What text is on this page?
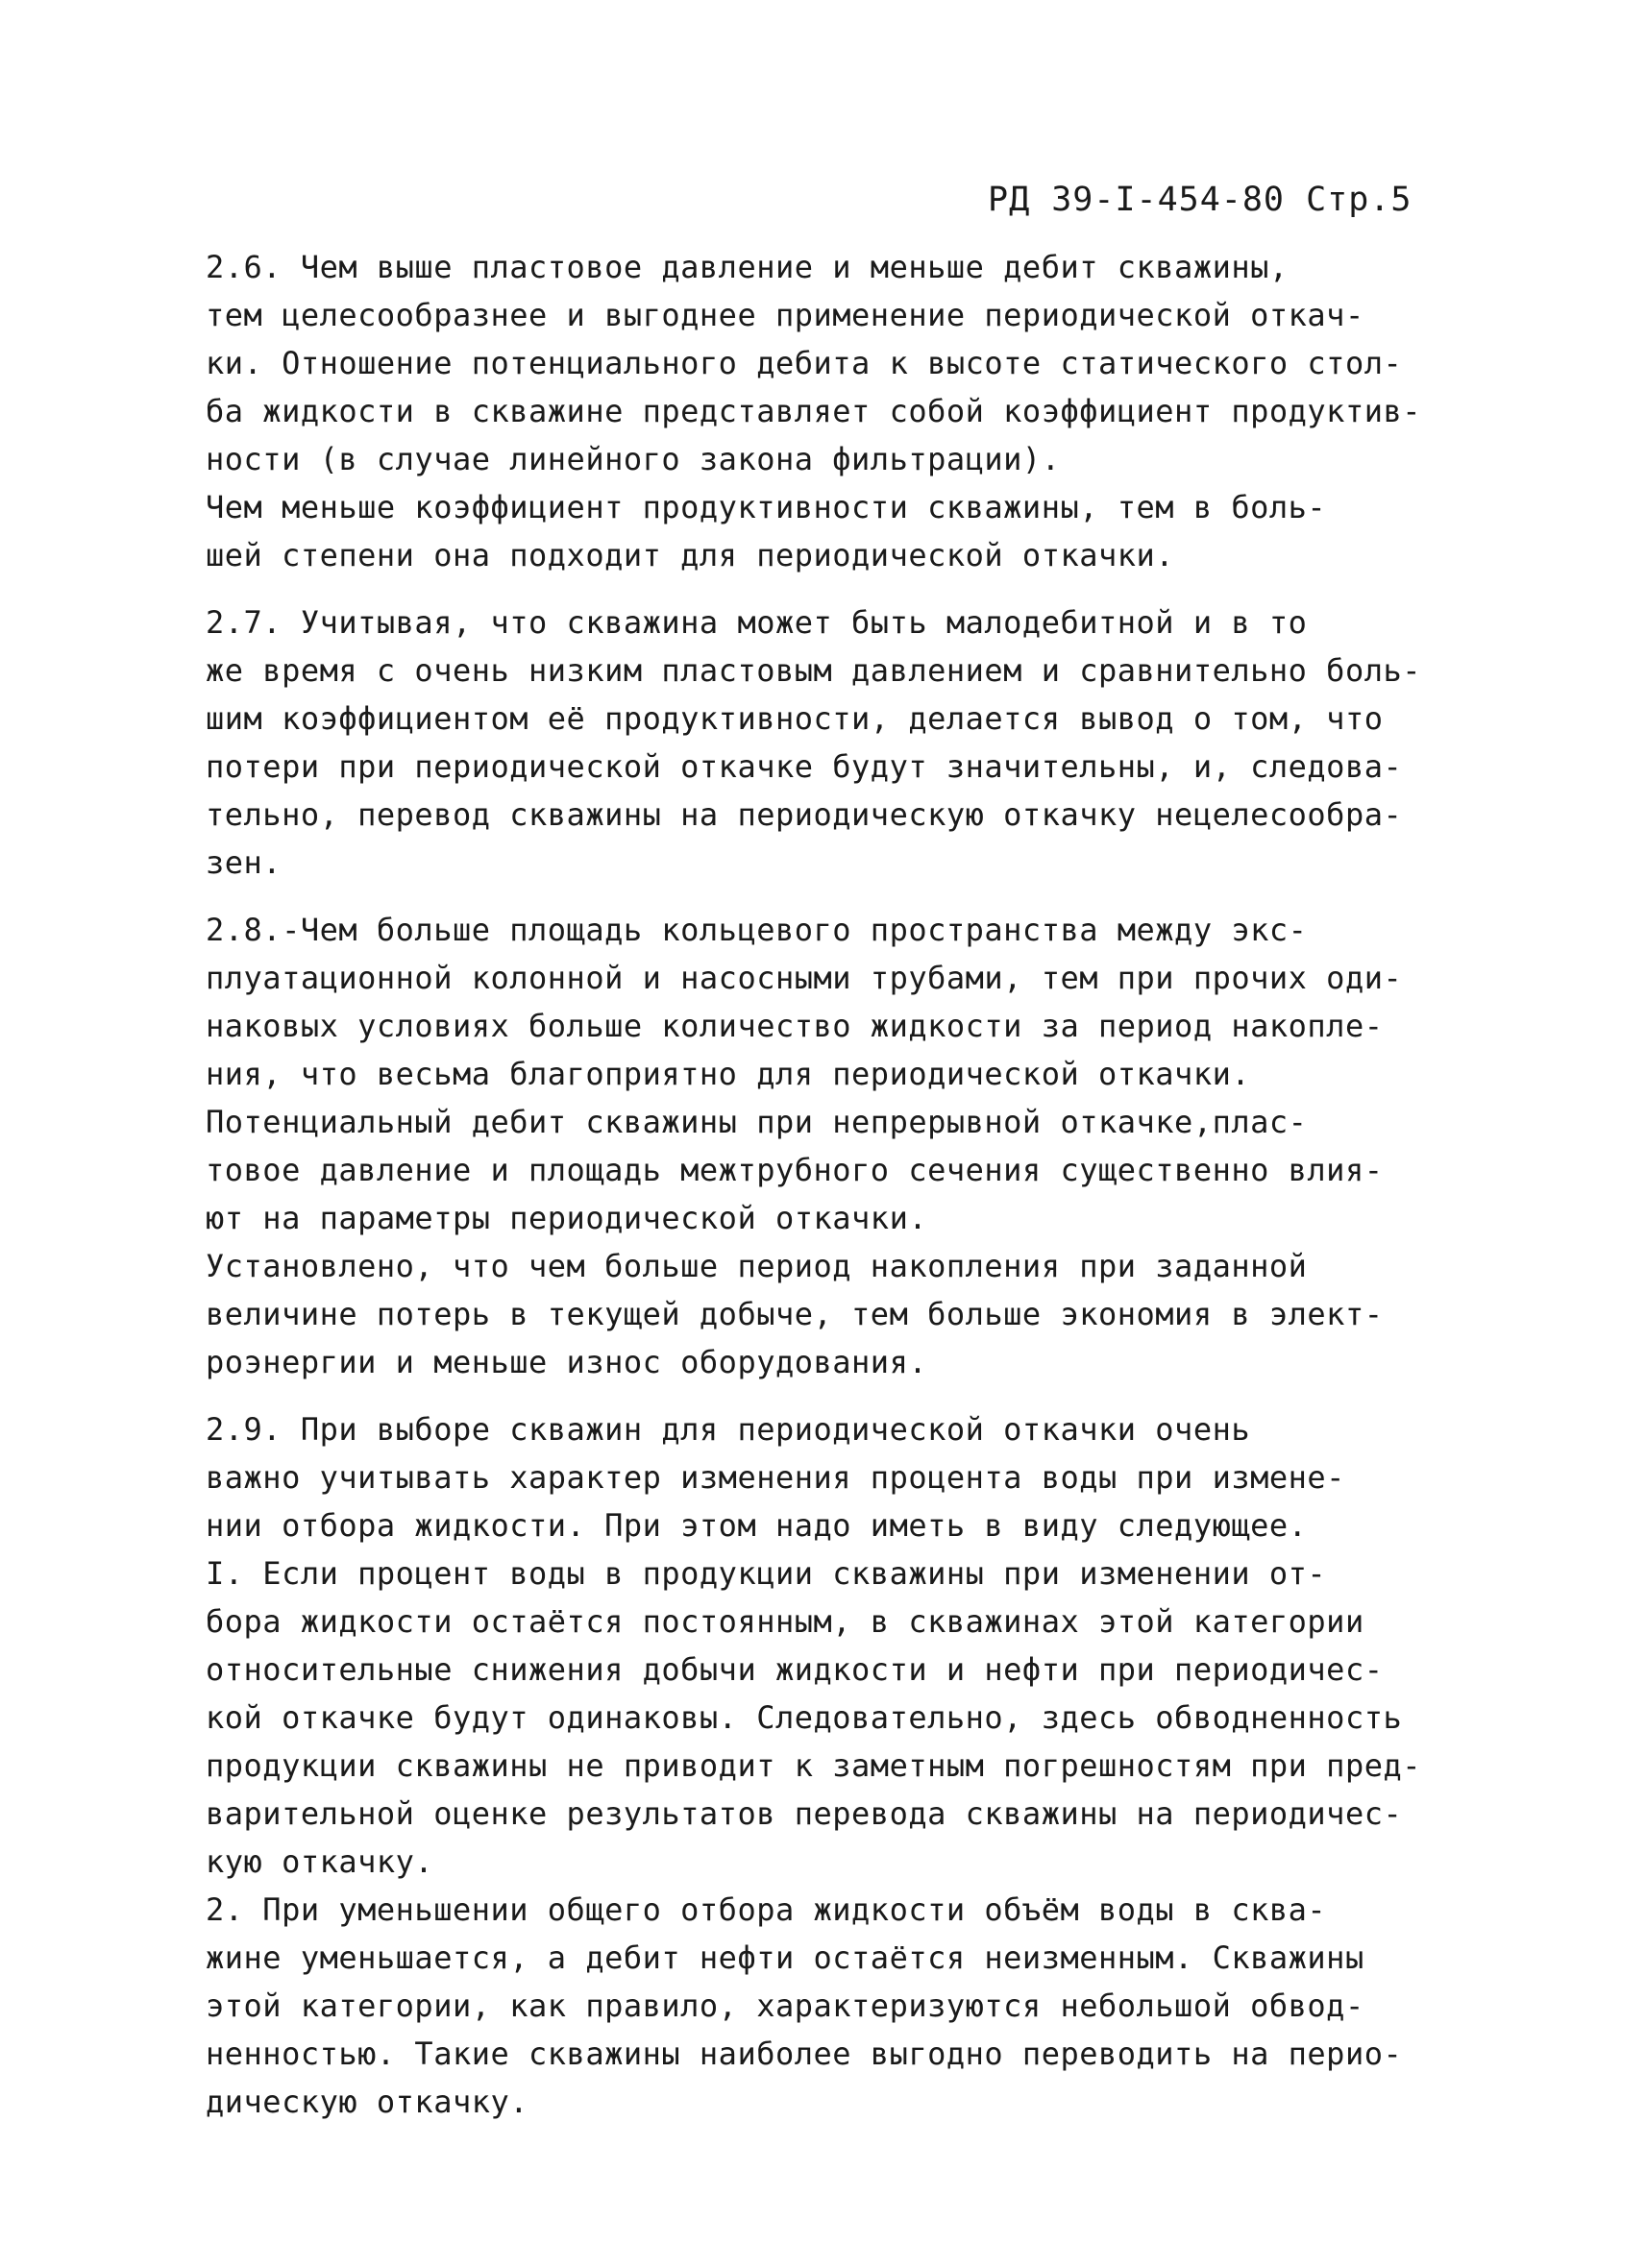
РД 39-I-454-80 Стр.5
2.6. Чем выше пластовое давление и меньше дебит скважины,
тем целесообразнее и выгоднее применение периодической откач-
ки. Отношение потенциального дебита к высоте статического стол-
ба жидкости в скважине представляет собой коэффициент продуктив-
ности (в случае линейного закона фильтрации).
Чем меньше коэффициент продуктивности скважины, тем в боль-
шей степени она подходит для периодической откачки.
2.7. Учитывая, что скважина может быть малодебитной и в то
же время с очень низким пластовым давлением и сравнительно боль-
шим коэффициентом её продуктивности, делается вывод о том, что
потери при периодической откачке будут значительны, и, следова-
тельно, перевод скважины на периодическую откачку нецелесообра-
зен.
2.8.-Чем больше площадь кольцевого пространства между экс-
плуатационной колонной и насосными трубами, тем при прочих оди-
наковых условиях больше количество жидкости за период накопле-
ния, что весьма благоприятно для периодической откачки.
Потенциальный дебит скважины при непрерывной откачке,плас-
товое давление и площадь межтрубного сечения существенно влия-
ют на параметры периодической откачки.
Установлено, что чем больше период накопления при заданной
величине потерь в текущей добыче, тем больше экономия в элект-
роэнергии и меньше износ оборудования.
2.9. При выборе скважин для периодической откачки очень
важно учитывать характер изменения процента воды при измене-
нии отбора жидкости. При этом надо иметь в виду следующее.
I. Если процент воды в продукции скважины при изменении от-
бора жидкости остаётся постоянным, в скважинах этой категории
относительные снижения добычи жидкости и нефти при периодичес-
кой откачке будут одинаковы. Следовательно, здесь обводненность
продукции скважины не приводит к заметным погрешностям при пред-
варительной оценке результатов перевода скважины на периодичес-
кую откачку.
2. При уменьшении общего отбора жидкости объём воды в сква-
жине уменьшается, а дебит нефти остаётся неизменным. Скважины
этой категории, как правило, характеризуются небольшой обвод-
ненностью. Такие скважины наиболее выгодно переводить на перио-
дическую откачку.
